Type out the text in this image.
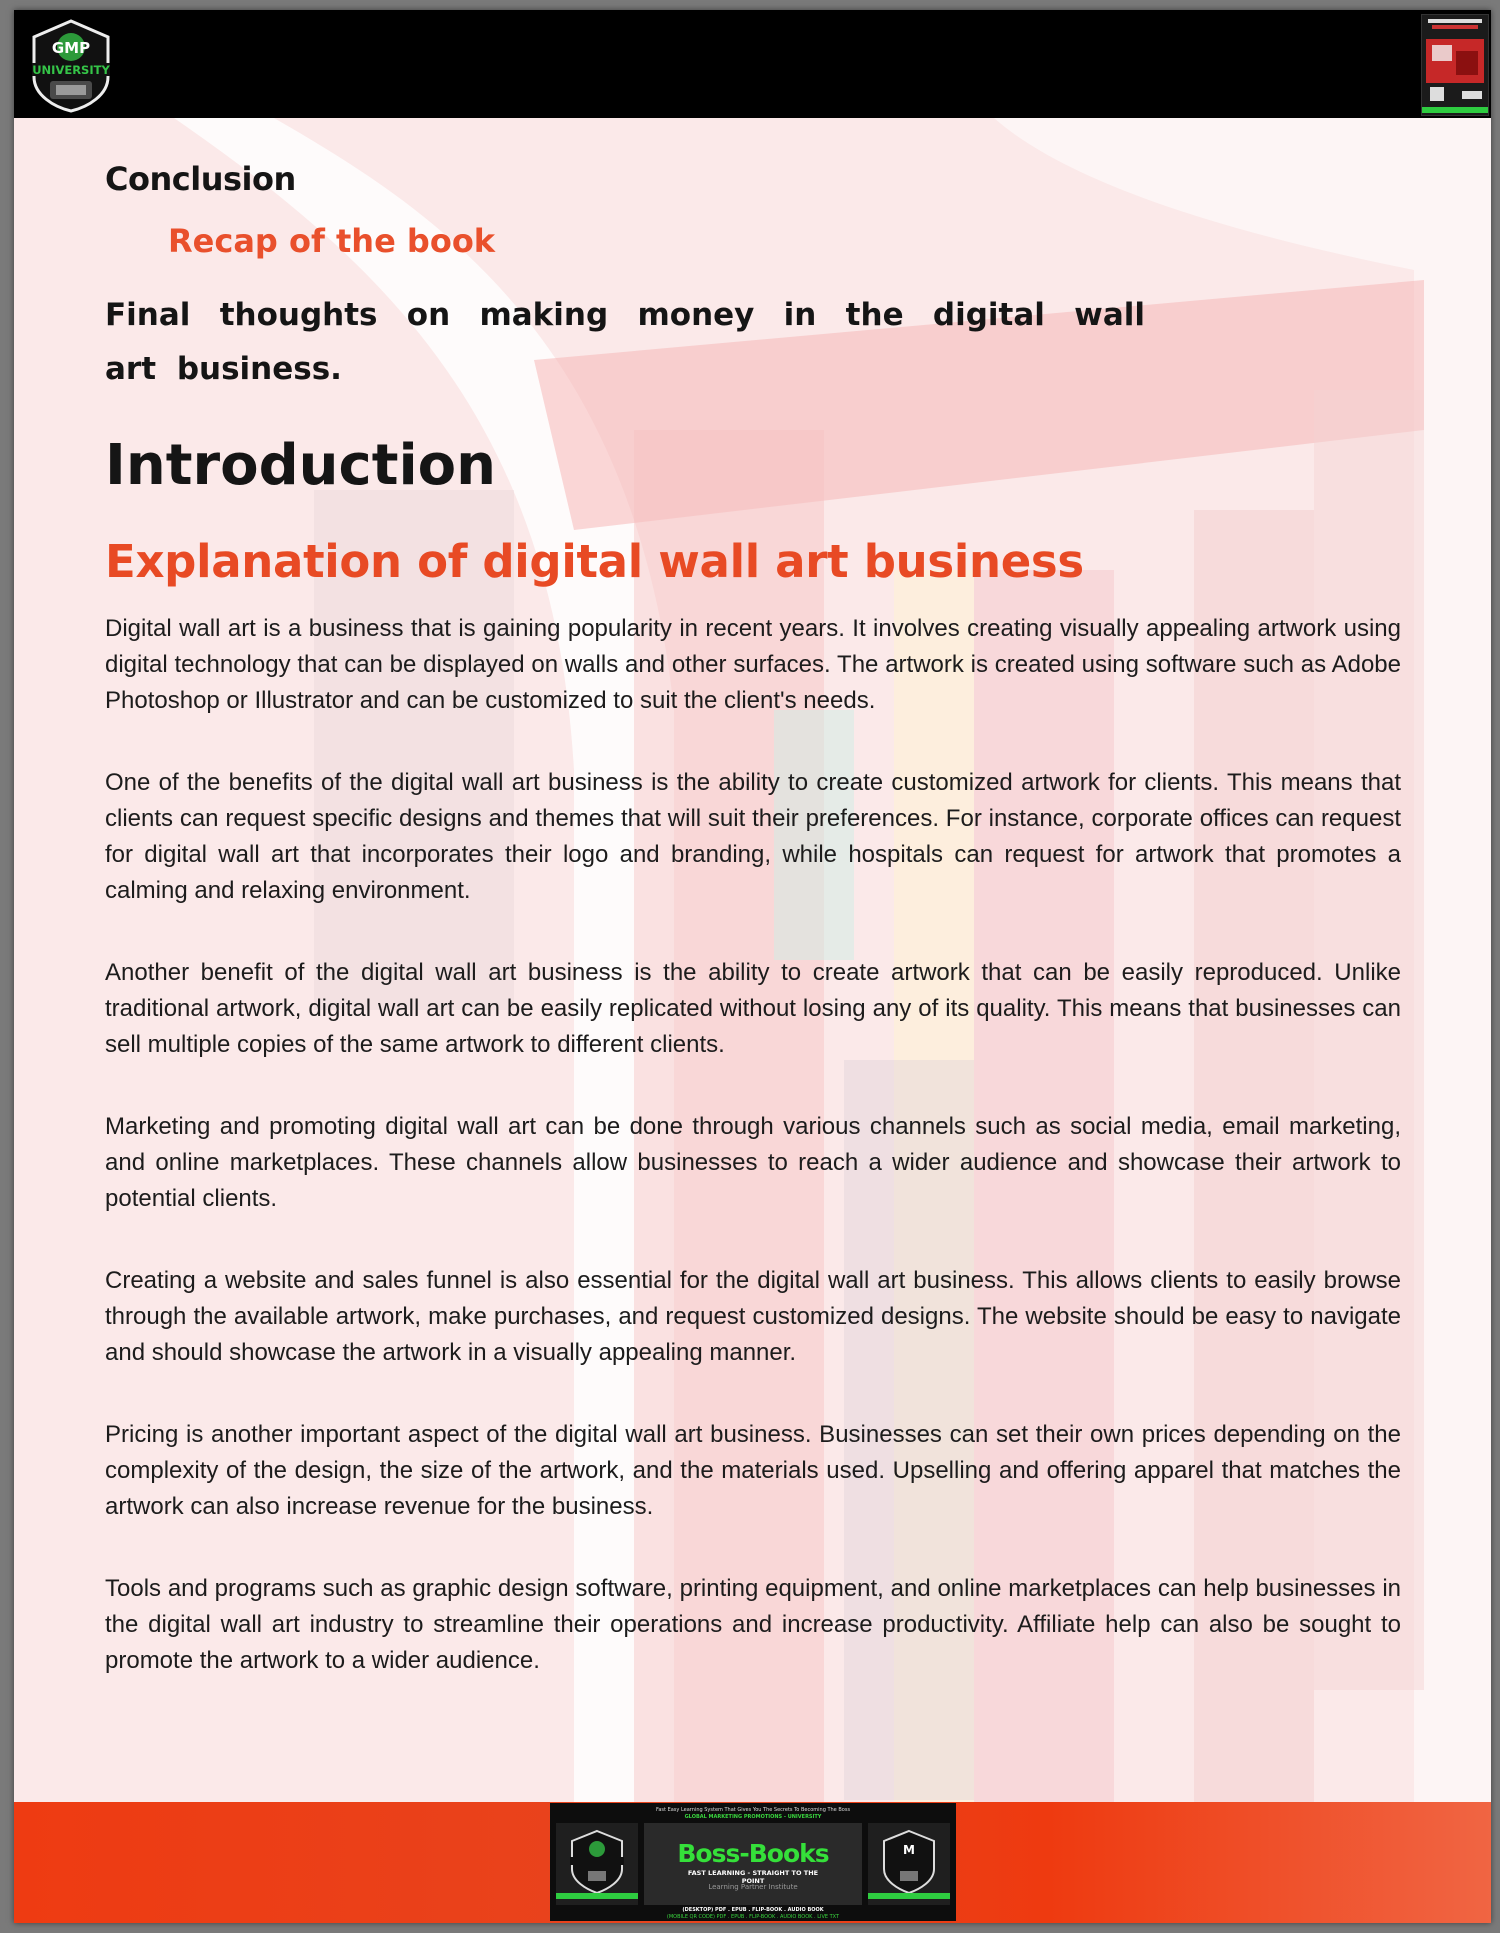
GMP
UNIVERSITY
Fast Easy Learning System That Gives You The Secrets To Becoming The Boss
GLOBAL MARKETING PROMOTIONS - UNIVERSITY
M
Boss-Books
FAST LEARNING - STRAIGHT TO THE POINT
Learning Partner Institute
(DESKTOP) PDF . EPUB . FLIP-BOOK . AUDIO BOOK
(MOBILE QR CODE) PDF . EPUB . FLIP-BOOK . AUDIO BOOK . LIVE TXT
Conclusion
Recap of the book
Final thoughts on making money in the digital wall art business.
Introduction
Explanation of digital wall art business

Digital wall art is a business that is gaining popularity in recent years. It involves creating visually appealing artwork using digital technology that can be displayed on walls and other surfaces. The artwork is created using software such as Adobe Photoshop or Illustrator and can be customized to suit the client's needs.

One of the benefits of the digital wall art business is the ability to create customized artwork for clients. This means that clients can request specific designs and themes that will suit their preferences. For instance, corporate offices can request for digital wall art that incorporates their logo and branding, while hospitals can request for artwork that promotes a calming and relaxing environment.

Another benefit of the digital wall art business is the ability to create artwork that can be easily reproduced. Unlike traditional artwork, digital wall art can be easily replicated without losing any of its quality. This means that businesses can sell multiple copies of the same artwork to different clients.

Marketing and promoting digital wall art can be done through various channels such as social media, email marketing, and online marketplaces. These channels allow businesses to reach a wider audience and showcase their artwork to potential clients.

Creating a website and sales funnel is also essential for the digital wall art business. This allows clients to easily browse through the available artwork, make purchases, and request customized designs. The website should be easy to navigate and should showcase the artwork in a visually appealing manner.

Pricing is another important aspect of the digital wall art business. Businesses can set their own prices depending on the complexity of the design, the size of the artwork, and the materials used. Upselling and offering apparel that matches the artwork can also increase revenue for the business.

Tools and programs such as graphic design software, printing equipment, and online marketplaces can help businesses in the digital wall art industry to streamline their operations and increase productivity. Affiliate help can also be sought to promote the artwork to a wider audience.
